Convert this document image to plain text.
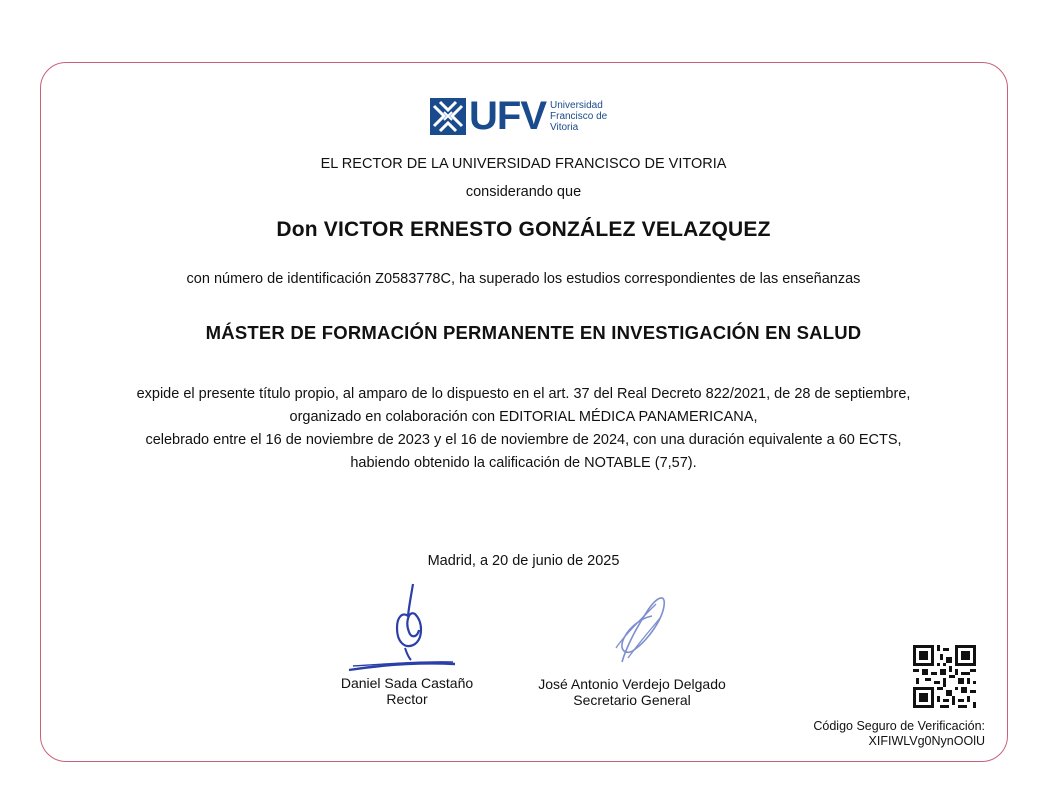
UFV Universidad
Francisco de
Vitoria
EL RECTOR DE LA UNIVERSIDAD FRANCISCO DE VITORIA
considerando que
Don VICTOR ERNESTO GONZÁLEZ VELAZQUEZ
con número de identificación Z0583778C, ha superado los estudios correspondientes de las enseñanzas
MÁSTER DE FORMACIÓN PERMANENTE EN INVESTIGACIÓN EN SALUD
expide el presente título propio, al amparo de lo dispuesto en el art. 37 del Real Decreto 822/2021, de 28 de septiembre,
organizado en colaboración con EDITORIAL MÉDICA PANAMERICANA,
celebrado entre el 16 de noviembre de 2023 y el 16 de noviembre de 2024, con una duración equivalente a 60 ECTS,
habiendo obtenido la calificación de NOTABLE (7,57).
Madrid, a 20 de junio de 2025
Daniel Sada Castaño
Rector
José Antonio Verdejo Delgado
Secretario General
Código Seguro de Verificación:
XIFIWLVg0NynOOlU
